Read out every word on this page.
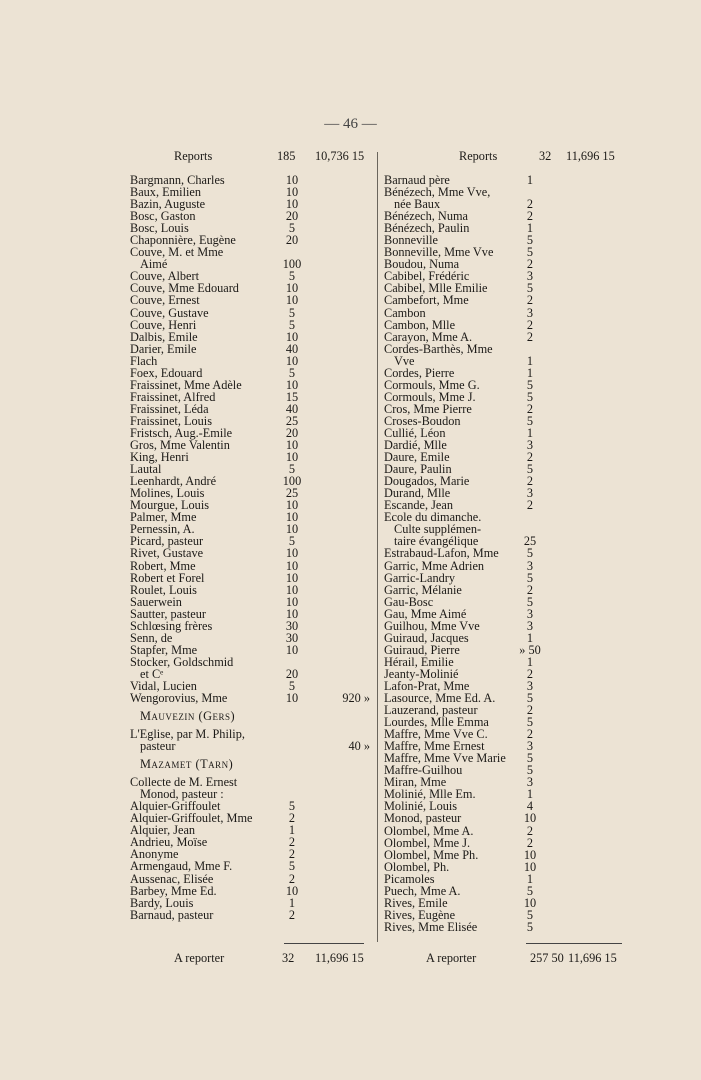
— 46 —
Reports	185 10,736 15
Bargmann, Charles	10
Baux, Emilien	10
Bazin, Auguste	10
Bosc, Gaston	20
Bosc, Louis	5
Chaponnière, Eugène	20
Couve, M. et Mme
Aimé	100
Couve, Albert	5
Couve, Mme Edouard	10
Couve, Ernest	10
Couve, Gustave	5
Couve, Henri	5
Dalbis, Emile	10
Darier, Emile	40
Flach	10
Foex, Edouard	5
Fraissinet, Mme Adèle	10
Fraissinet, Alfred	15
Fraissinet, Léda	40
Fraissinet, Louis	25
Fristsch, Aug.-Emile	20
Gros, Mme Valentin	10
King, Henri	10
Lautal	5
Leenhardt, André	100
Molines, Louis	25
Mourgue, Louis	10
Palmer, Mme	10
Pernessin, A.	10
Picard, pasteur	5
Rivet, Gustave	10
Robert, Mme	10
Robert et Forel	10
Roulet, Louis	10
Sauerwein	10
Sautter, pasteur	10
Schlœsing frères	30
Senn, de	30
Stapfer, Mme	10
Stocker, Goldschmid
et Cᵉ	20
Vidal, Lucien	5
Wengorovius, Mme	10	920 »
Mauvezin (Gers)
L'Eglise, par M. Philip,
pasteur	40 »
Mazamet (Tarn)
Collecte de M. Ernest
Monod, pasteur :
Alquier-Griffoulet	5
Alquier-Griffoulet, Mme	2
Alquier, Jean	1
Andrieu, Moïse	2
Anonyme	2
Armengaud, Mme F.	5
Aussenac, Elisée	2
Barbey, Mme Ed.	10
Bardy, Louis	1
Barnaud, pasteur	2
Reports	32 11,696 15
Barnaud père	1
Bénézech, Mme Vve,
née Baux	2
Bénézech, Numa	2
Bénézech, Paulin	1
Bonneville	5
Bonneville, Mme Vve	5
Boudou, Numa	2
Cabibel, Frédéric	3
Cabibel, Mlle Emilie	5
Cambefort, Mme	2
Cambon	3
Cambon, Mlle	2
Carayon, Mme A.	2
Cordes-Barthès, Mme
Vve	1
Cordes, Pierre	1
Cormouls, Mme G.	5
Cormouls, Mme J.	5
Cros, Mme Pierre	2
Croses-Boudon	5
Cullié, Léon	1
Dardié, Mlle	3
Daure, Emile	2
Daure, Paulin	5
Dougados, Marie	2
Durand, Mlle	3
Escande, Jean	2
Ecole du dimanche.
Culte supplémen-
taire évangélique	25
Estrabaud-Lafon, Mme	5
Garric, Mme Adrien	3
Garric-Landry	5
Garric, Mélanie	2
Gau-Bosc	5
Gau, Mme Aimé	3
Guilhou, Mme Vve	3
Guiraud, Jacques	1
Guiraud, Pierre	» 50
Hérail, Emilie	1
Jeanty-Molinié	2
Lafon-Prat, Mme	3
Lasource, Mme Ed. A.	5
Lauzerand, pasteur	2
Lourdes, Mlle Emma	5
Maffre, Mme Vve C.	2
Maffre, Mme Ernest	3
Maffre, Mme Vve Marie	5
Maffre-Guilhou	5
Miran, Mme	3
Molinié, Mlle Em.	1
Molinié, Louis	4
Monod, pasteur	10
Olombel, Mme A.	2
Olombel, Mme J.	2
Olombel, Mme Ph.	10
Olombel, Ph.	10
Picamoles	1
Puech, Mme A.	5
Rives, Emile	10
Rives, Eugène	5
Rives, Mme Elisée	5
A reporter	32 11,696 15	A reporter	257 50 11,696 15
